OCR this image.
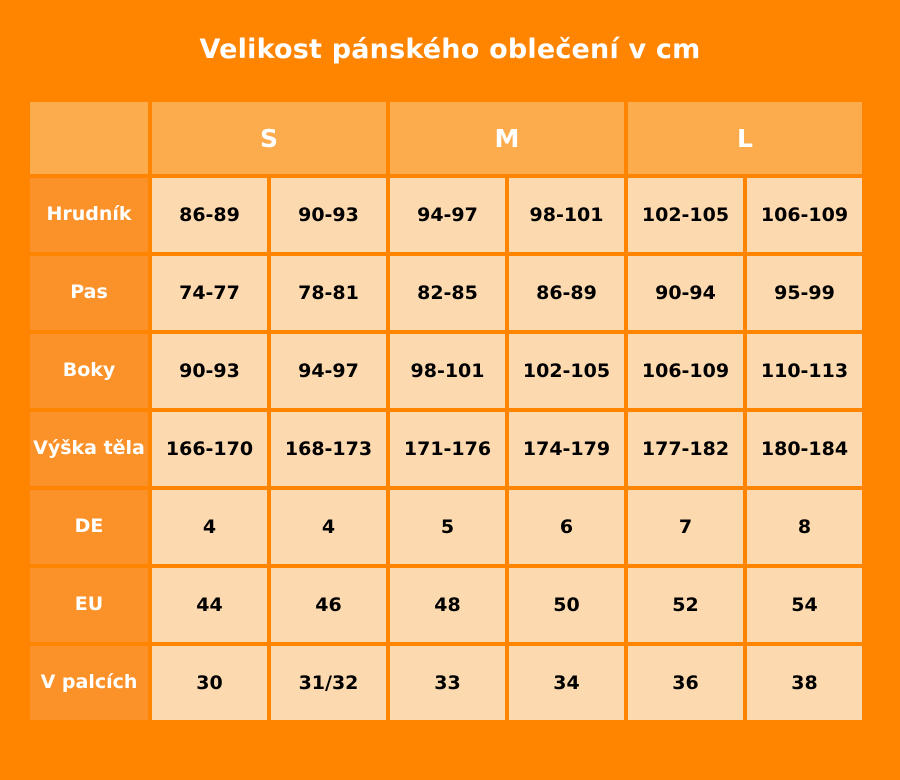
Velikost pánského oblečení v cm
	S		M		L	
Hrudník	86-89	90-93	94-97	98-101	102-105	106-109
Pas	74-77	78-81	82-85	86-89	90-94	95-99
Boky	90-93	94-97	98-101	102-105	106-109	110-113
Výška těla	166-170	168-173	171-176	174-179	177-182	180-184
DE	4	4	5	6	7	8
EU	44	46	48	50	52	54
V palcích	30	31/32	33	34	36	38
